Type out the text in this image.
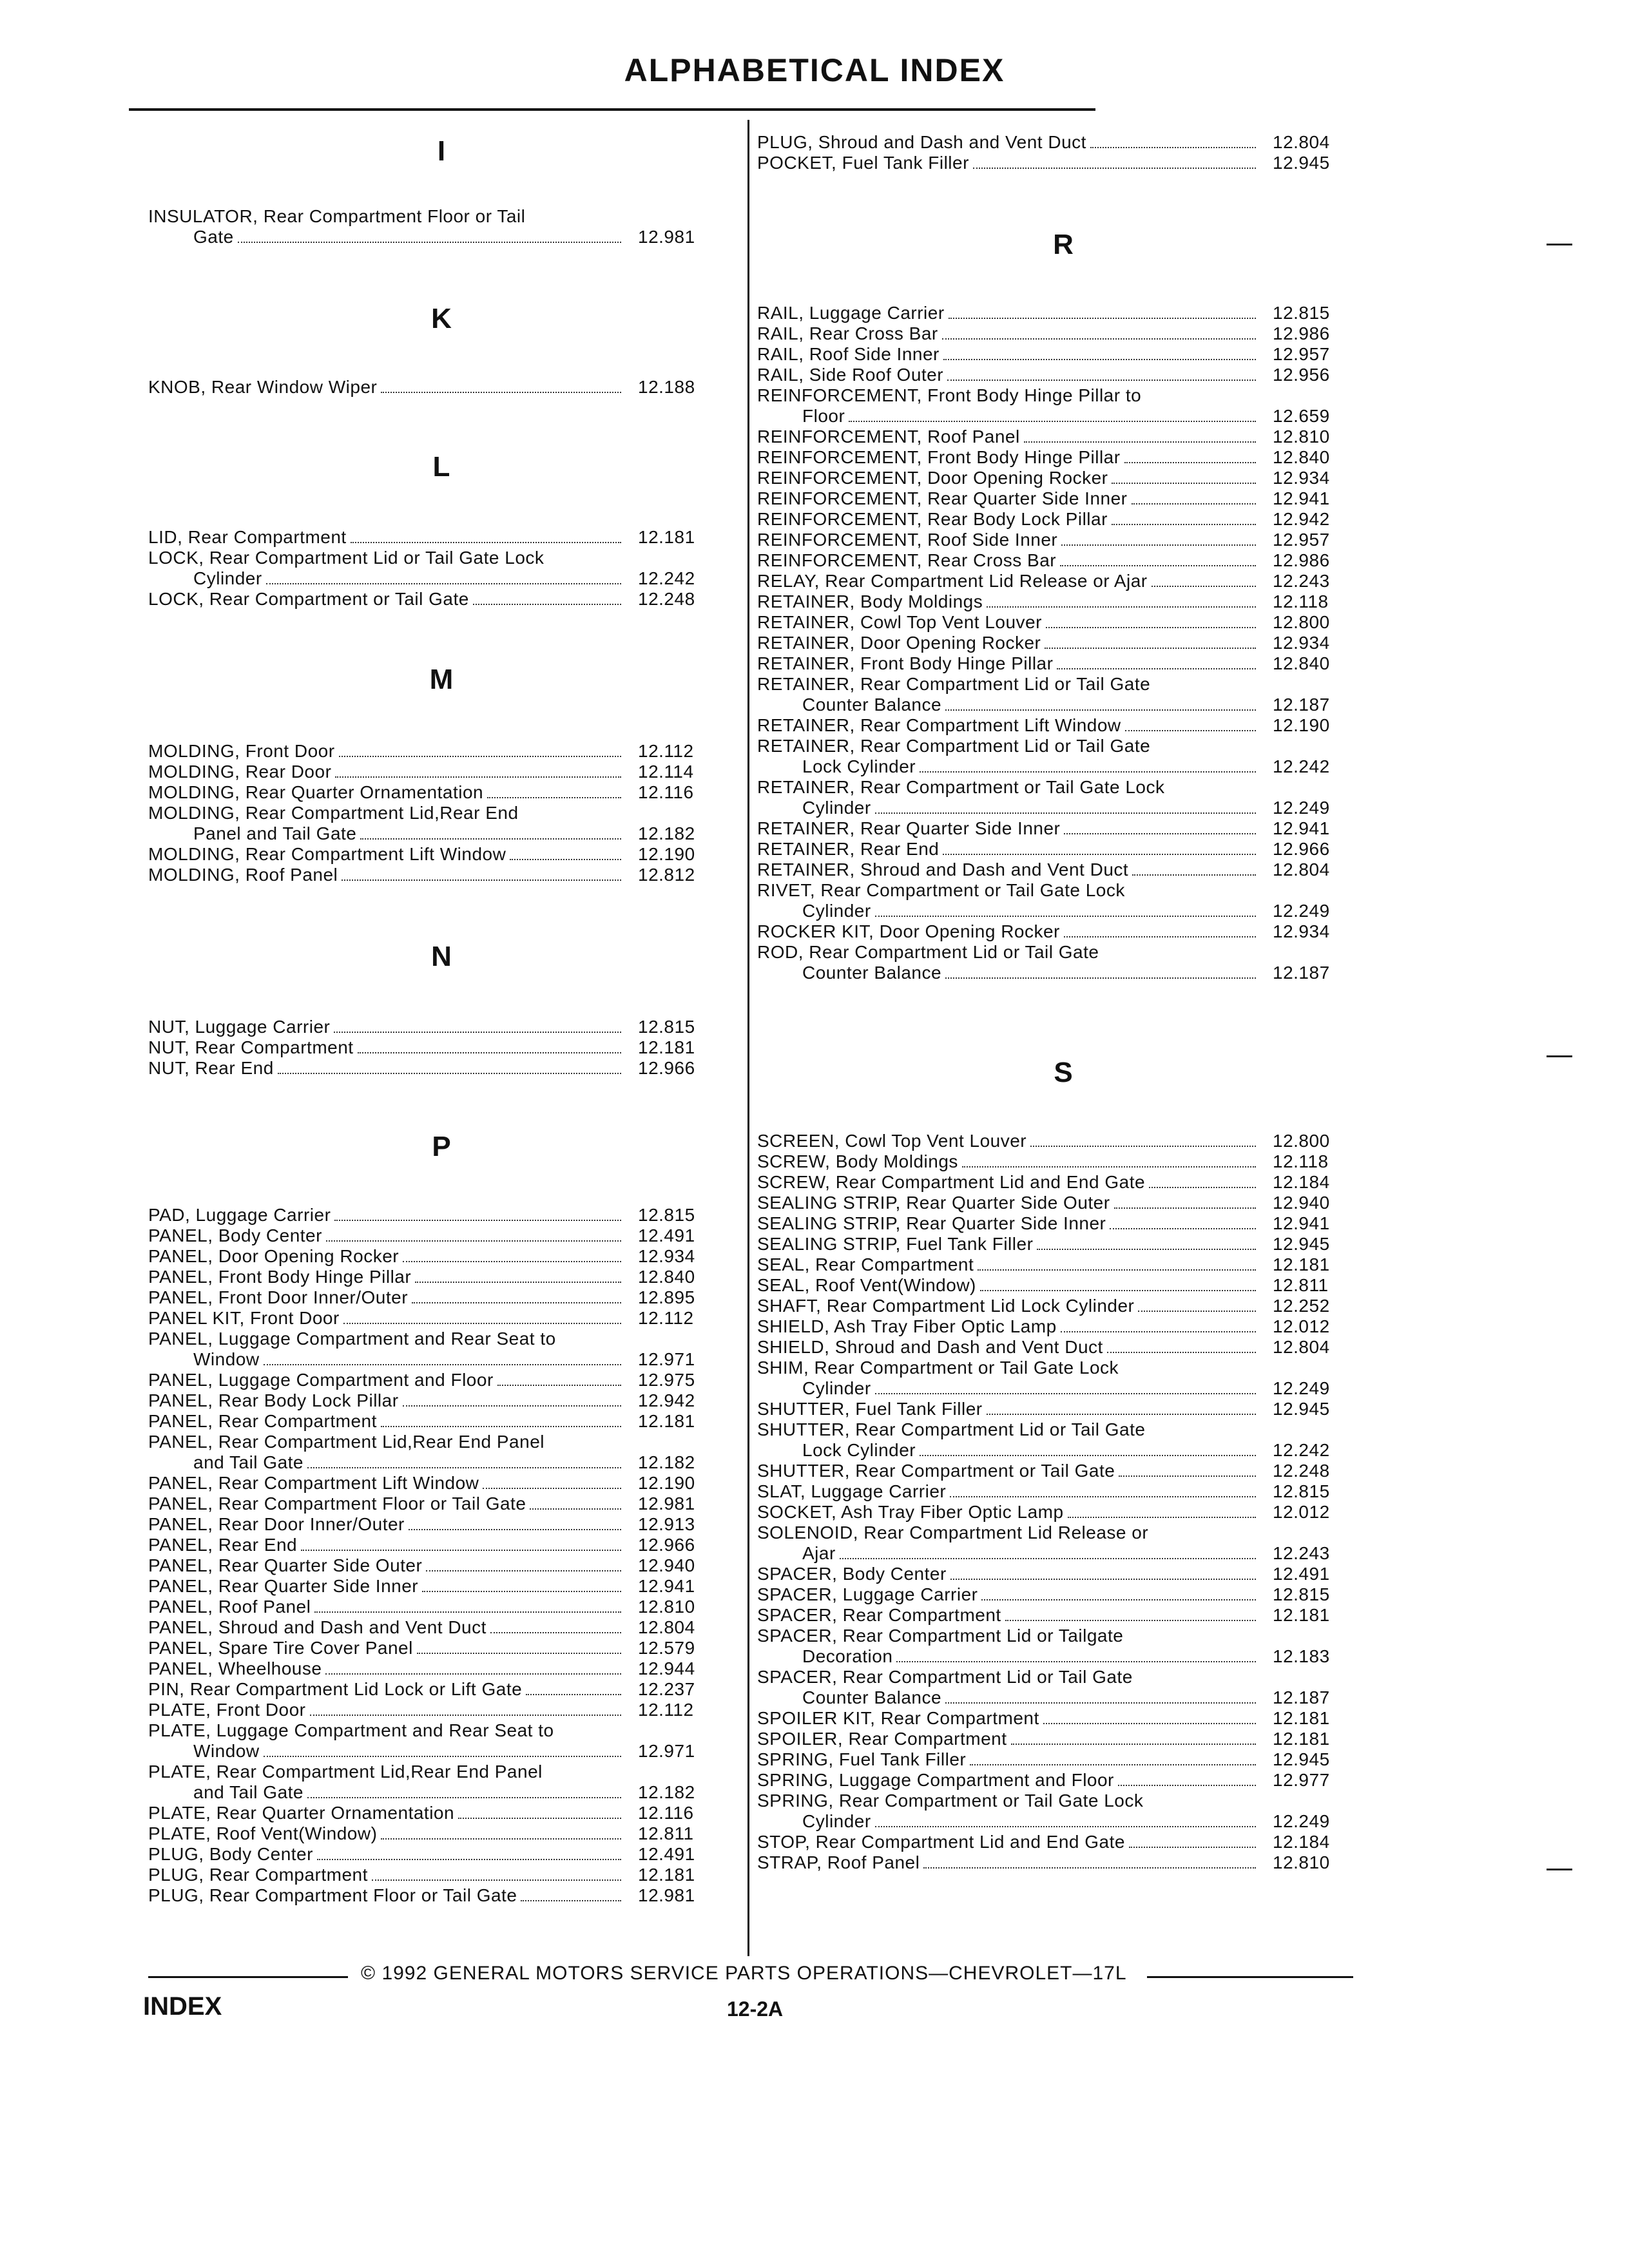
ALPHABETICAL INDEX
I
INSULATOR, Rear Compartment Floor or Tail
Gate	12.981
K
KNOB, Rear Window Wiper	12.188
L
LID, Rear Compartment	12.181
LOCK, Rear Compartment Lid or Tail Gate Lock
Cylinder	12.242
LOCK, Rear Compartment or Tail Gate	12.248
M
MOLDING, Front Door	12.112
MOLDING, Rear Door	12.114
MOLDING, Rear Quarter Ornamentation	12.116
MOLDING, Rear Compartment Lid,Rear End
Panel and Tail Gate	12.182
MOLDING, Rear Compartment Lift Window	12.190
MOLDING, Roof Panel	12.812
N
NUT, Luggage Carrier	12.815
NUT, Rear Compartment	12.181
NUT, Rear End	12.966
P
PAD, Luggage Carrier	12.815
PANEL, Body Center	12.491
PANEL, Door Opening Rocker	12.934
PANEL, Front Body Hinge Pillar	12.840
PANEL, Front Door Inner/Outer	12.895
PANEL KIT, Front Door	12.112
PANEL, Luggage Compartment and Rear Seat to
Window	12.971
PANEL, Luggage Compartment and Floor	12.975
PANEL, Rear Body Lock Pillar	12.942
PANEL, Rear Compartment	12.181
PANEL, Rear Compartment Lid,Rear End Panel
and Tail Gate	12.182
PANEL, Rear Compartment Lift Window	12.190
PANEL, Rear Compartment Floor or Tail Gate	12.981
PANEL, Rear Door Inner/Outer	12.913
PANEL, Rear End	12.966
PANEL, Rear Quarter Side Outer	12.940
PANEL, Rear Quarter Side Inner	12.941
PANEL, Roof Panel	12.810
PANEL, Shroud and Dash and Vent Duct	12.804
PANEL, Spare Tire Cover Panel	12.579
PANEL, Wheelhouse	12.944
PIN, Rear Compartment Lid Lock or Lift Gate	12.237
PLATE, Front Door	12.112
PLATE, Luggage Compartment and Rear Seat to
Window	12.971
PLATE, Rear Compartment Lid,Rear End Panel
and Tail Gate	12.182
PLATE, Rear Quarter Ornamentation	12.116
PLATE, Roof Vent(Window)	12.811
PLUG, Body Center	12.491
PLUG, Rear Compartment	12.181
PLUG, Rear Compartment Floor or Tail Gate	12.981
PLUG, Shroud and Dash and Vent Duct	12.804
POCKET, Fuel Tank Filler	12.945
R
RAIL, Luggage Carrier	12.815
RAIL, Rear Cross Bar	12.986
RAIL, Roof Side Inner	12.957
RAIL, Side Roof Outer	12.956
REINFORCEMENT, Front Body Hinge Pillar to
Floor	12.659
REINFORCEMENT, Roof Panel	12.810
REINFORCEMENT, Front Body Hinge Pillar	12.840
REINFORCEMENT, Door Opening Rocker	12.934
REINFORCEMENT, Rear Quarter Side Inner	12.941
REINFORCEMENT, Rear Body Lock Pillar	12.942
REINFORCEMENT, Roof Side Inner	12.957
REINFORCEMENT, Rear Cross Bar	12.986
RELAY, Rear Compartment Lid Release or Ajar	12.243
RETAINER, Body Moldings	12.118
RETAINER, Cowl Top Vent Louver	12.800
RETAINER, Door Opening Rocker	12.934
RETAINER, Front Body Hinge Pillar	12.840
RETAINER, Rear Compartment Lid or Tail Gate
Counter Balance	12.187
RETAINER, Rear Compartment Lift Window	12.190
RETAINER, Rear Compartment Lid or Tail Gate
Lock Cylinder	12.242
RETAINER, Rear Compartment or Tail Gate Lock
Cylinder	12.249
RETAINER, Rear Quarter Side Inner	12.941
RETAINER, Rear End	12.966
RETAINER, Shroud and Dash and Vent Duct	12.804
RIVET, Rear Compartment or Tail Gate Lock
Cylinder	12.249
ROCKER KIT, Door Opening Rocker	12.934
ROD, Rear Compartment Lid or Tail Gate
Counter Balance	12.187
S
SCREEN, Cowl Top Vent Louver	12.800
SCREW, Body Moldings	12.118
SCREW, Rear Compartment Lid and End Gate	12.184
SEALING STRIP, Rear Quarter Side Outer	12.940
SEALING STRIP, Rear Quarter Side Inner	12.941
SEALING STRIP, Fuel Tank Filler	12.945
SEAL, Rear Compartment	12.181
SEAL, Roof Vent(Window)	12.811
SHAFT, Rear Compartment Lid Lock Cylinder	12.252
SHIELD, Ash Tray Fiber Optic Lamp	12.012
SHIELD, Shroud and Dash and Vent Duct	12.804
SHIM, Rear Compartment or Tail Gate Lock
Cylinder	12.249
SHUTTER, Fuel Tank Filler	12.945
SHUTTER, Rear Compartment Lid or Tail Gate
Lock Cylinder	12.242
SHUTTER, Rear Compartment or Tail Gate	12.248
SLAT, Luggage Carrier	12.815
SOCKET, Ash Tray Fiber Optic Lamp	12.012
SOLENOID, Rear Compartment Lid Release or
Ajar	12.243
SPACER, Body Center	12.491
SPACER, Luggage Carrier	12.815
SPACER, Rear Compartment	12.181
SPACER, Rear Compartment Lid or Tailgate
Decoration	12.183
SPACER, Rear Compartment Lid or Tail Gate
Counter Balance	12.187
SPOILER KIT, Rear Compartment	12.181
SPOILER, Rear Compartment	12.181
SPRING, Fuel Tank Filler	12.945
SPRING, Luggage Compartment and Floor	12.977
SPRING, Rear Compartment or Tail Gate Lock
Cylinder	12.249
STOP, Rear Compartment Lid and End Gate	12.184
STRAP, Roof Panel	12.810
© 1992 GENERAL MOTORS SERVICE PARTS OPERATIONS—CHEVROLET—17L
INDEX	12-2A
